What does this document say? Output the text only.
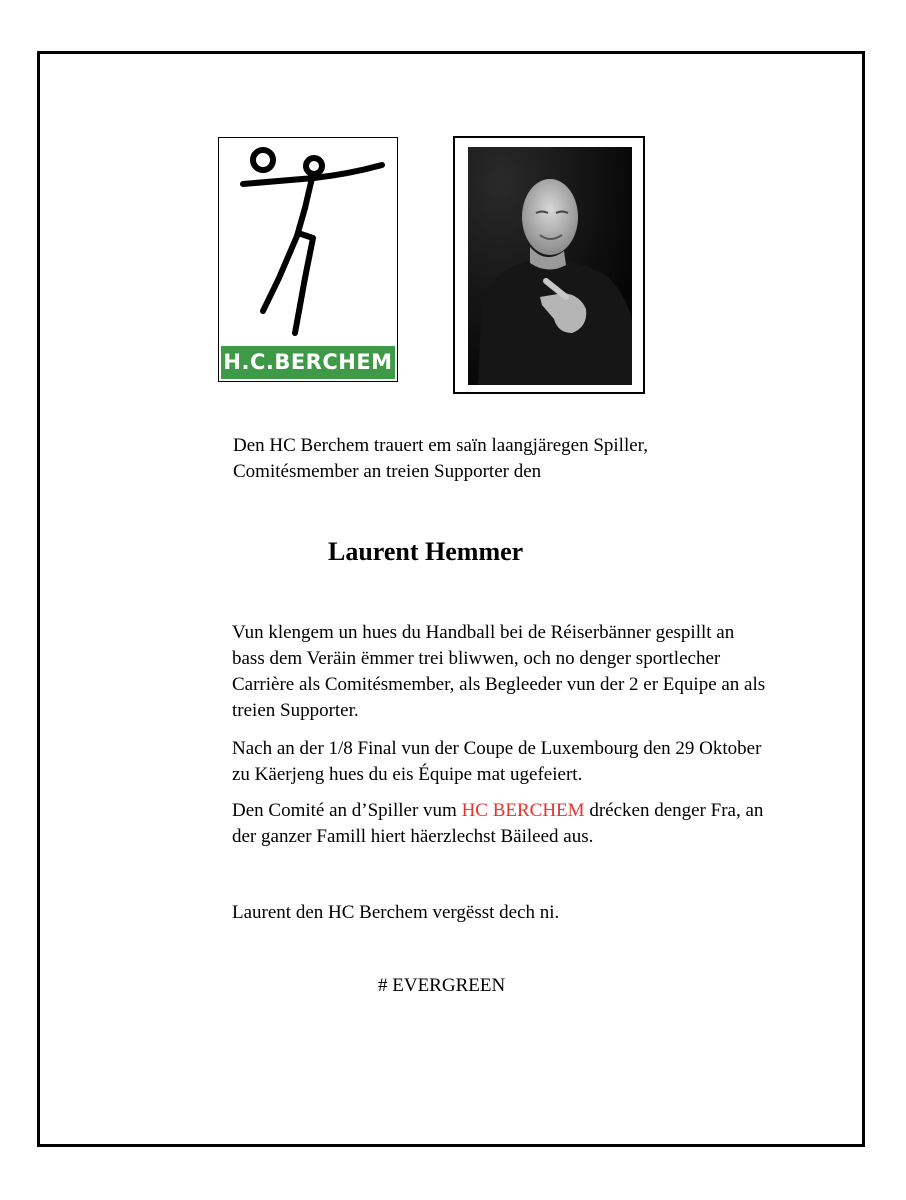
H.C.BERCHEM
Den HC Berchem trauert em saïn laangjäregen Spiller,
Comitésmember an treien Supporter den
Laurent Hemmer
Vun klengem un hues du Handball bei de Réiserbänner gespillt an
bass dem Veräin ëmmer trei bliwwen, och no denger sportlecher
Carrière als Comitésmember, als Begleeder vun der 2 er Equipe an als
treien Supporter.
Nach an der 1/8 Final vun der Coupe de Luxembourg den 29 Oktober
zu Käerjeng hues du eis Équipe mat ugefeiert.
Den Comité an d’Spiller vum HC BERCHEM drécken denger Fra, an
der ganzer Famill hiert häerzlechst Bäileed aus.
Laurent den HC Berchem vergësst dech ni.
# EVERGREEN
